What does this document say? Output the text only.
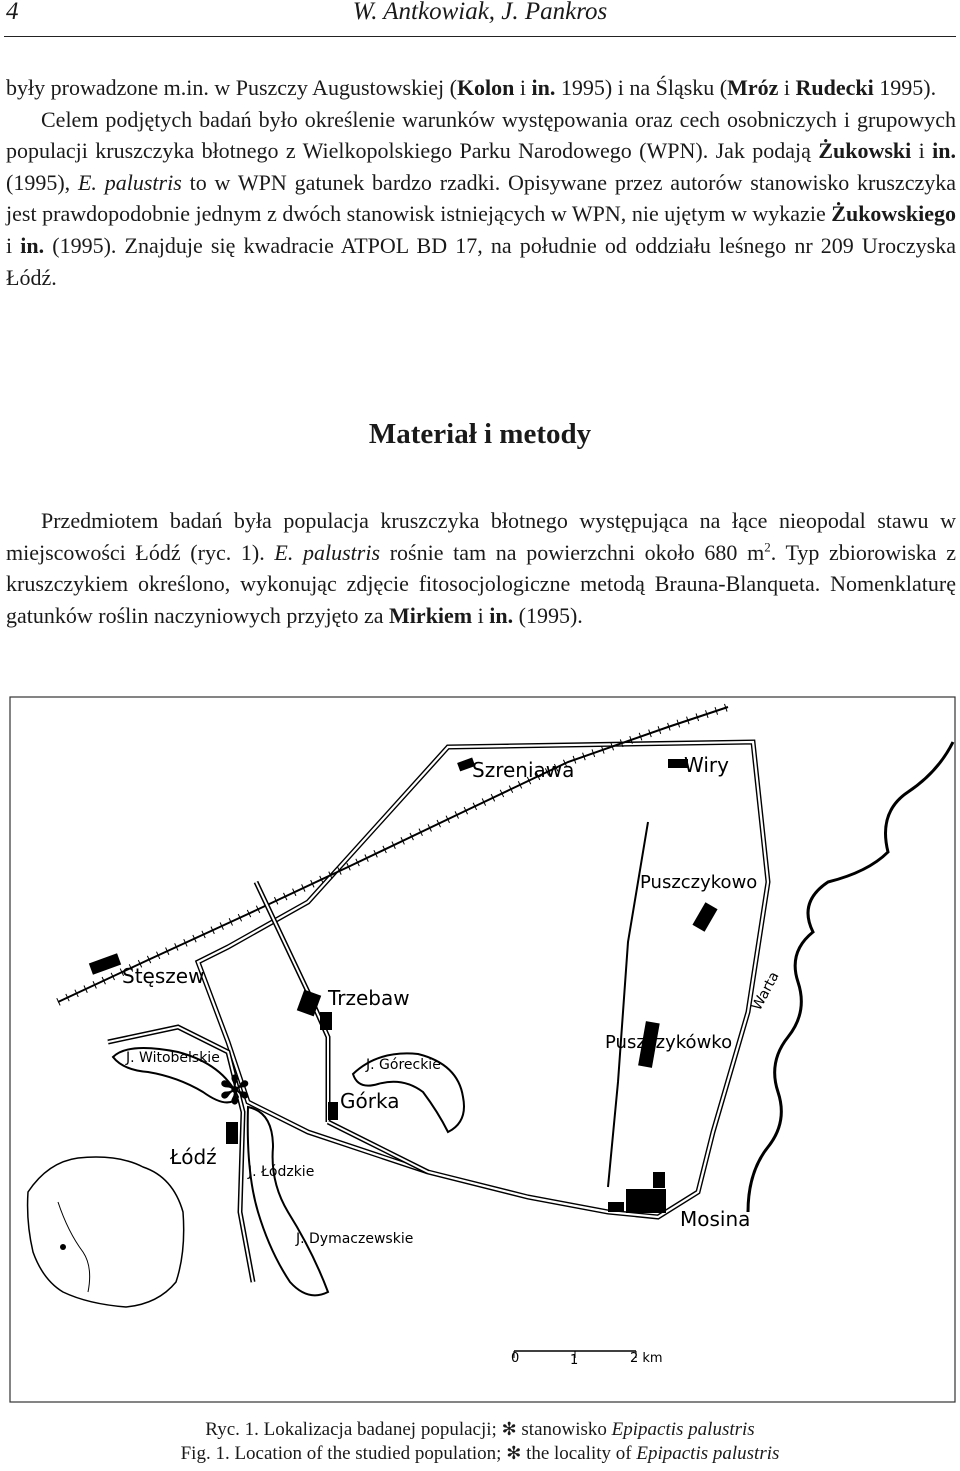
4	W. Antkowiak, J. Pankros
były prowadzone m.in. w Puszczy Augustowskiej (Kolon i in. 1995) i na Śląsku (Mróz i Rudecki 1995).
Celem podjętych badań było określenie warunków występowania oraz cech osobniczych i grupowych populacji kruszczyka błotnego z Wielkopolskiego Parku Narodowego (WPN). Jak podają Żukowski i in. (1995), E. palustris to w WPN gatunek bardzo rzadki. Opisywane przez autorów stanowisko kruszczyka jest prawdopodobnie jednym z dwóch stanowisk istniejących w WPN, nie ujętym w wykazie Żukowskiego i in. (1995). Znajduje się kwadracie ATPOL BD 17, na południe od oddziału leśnego nr 209 Uroczyska Łódź.
Materiał i metody
Przedmiotem badań była populacja kruszczyka błotnego występująca na łące nieopodal stawu w miejscowości Łódź (ryc. 1). E. palustris rośnie tam na powierzchni około 680 $m^2$. Typ zbiorowiska z kruszczykiem określono, wykonując zdjęcie fitosocjologiczne metodą Brauna-Blanqueta. Nomenklaturę gatunków roślin naczyniowych przyjęto za Mirkiem i in. (1995).
✻
Szreniawa	Wiry
Puszczykowo
Stęszew
Trzebaw
J. Witobelskie	J. Góreckie
Puszczykówko
Górka
Łódź
J. Łódzkie
Mosina
J. Dymaczewskie
Warta
0	1	2 km
Ryc. 1. Lokalizacja badanej populacji; ✻ stanowisko Epipactis palustris
Fig. 1. Location of the studied population; ✻ the locality of Epipactis palustris
